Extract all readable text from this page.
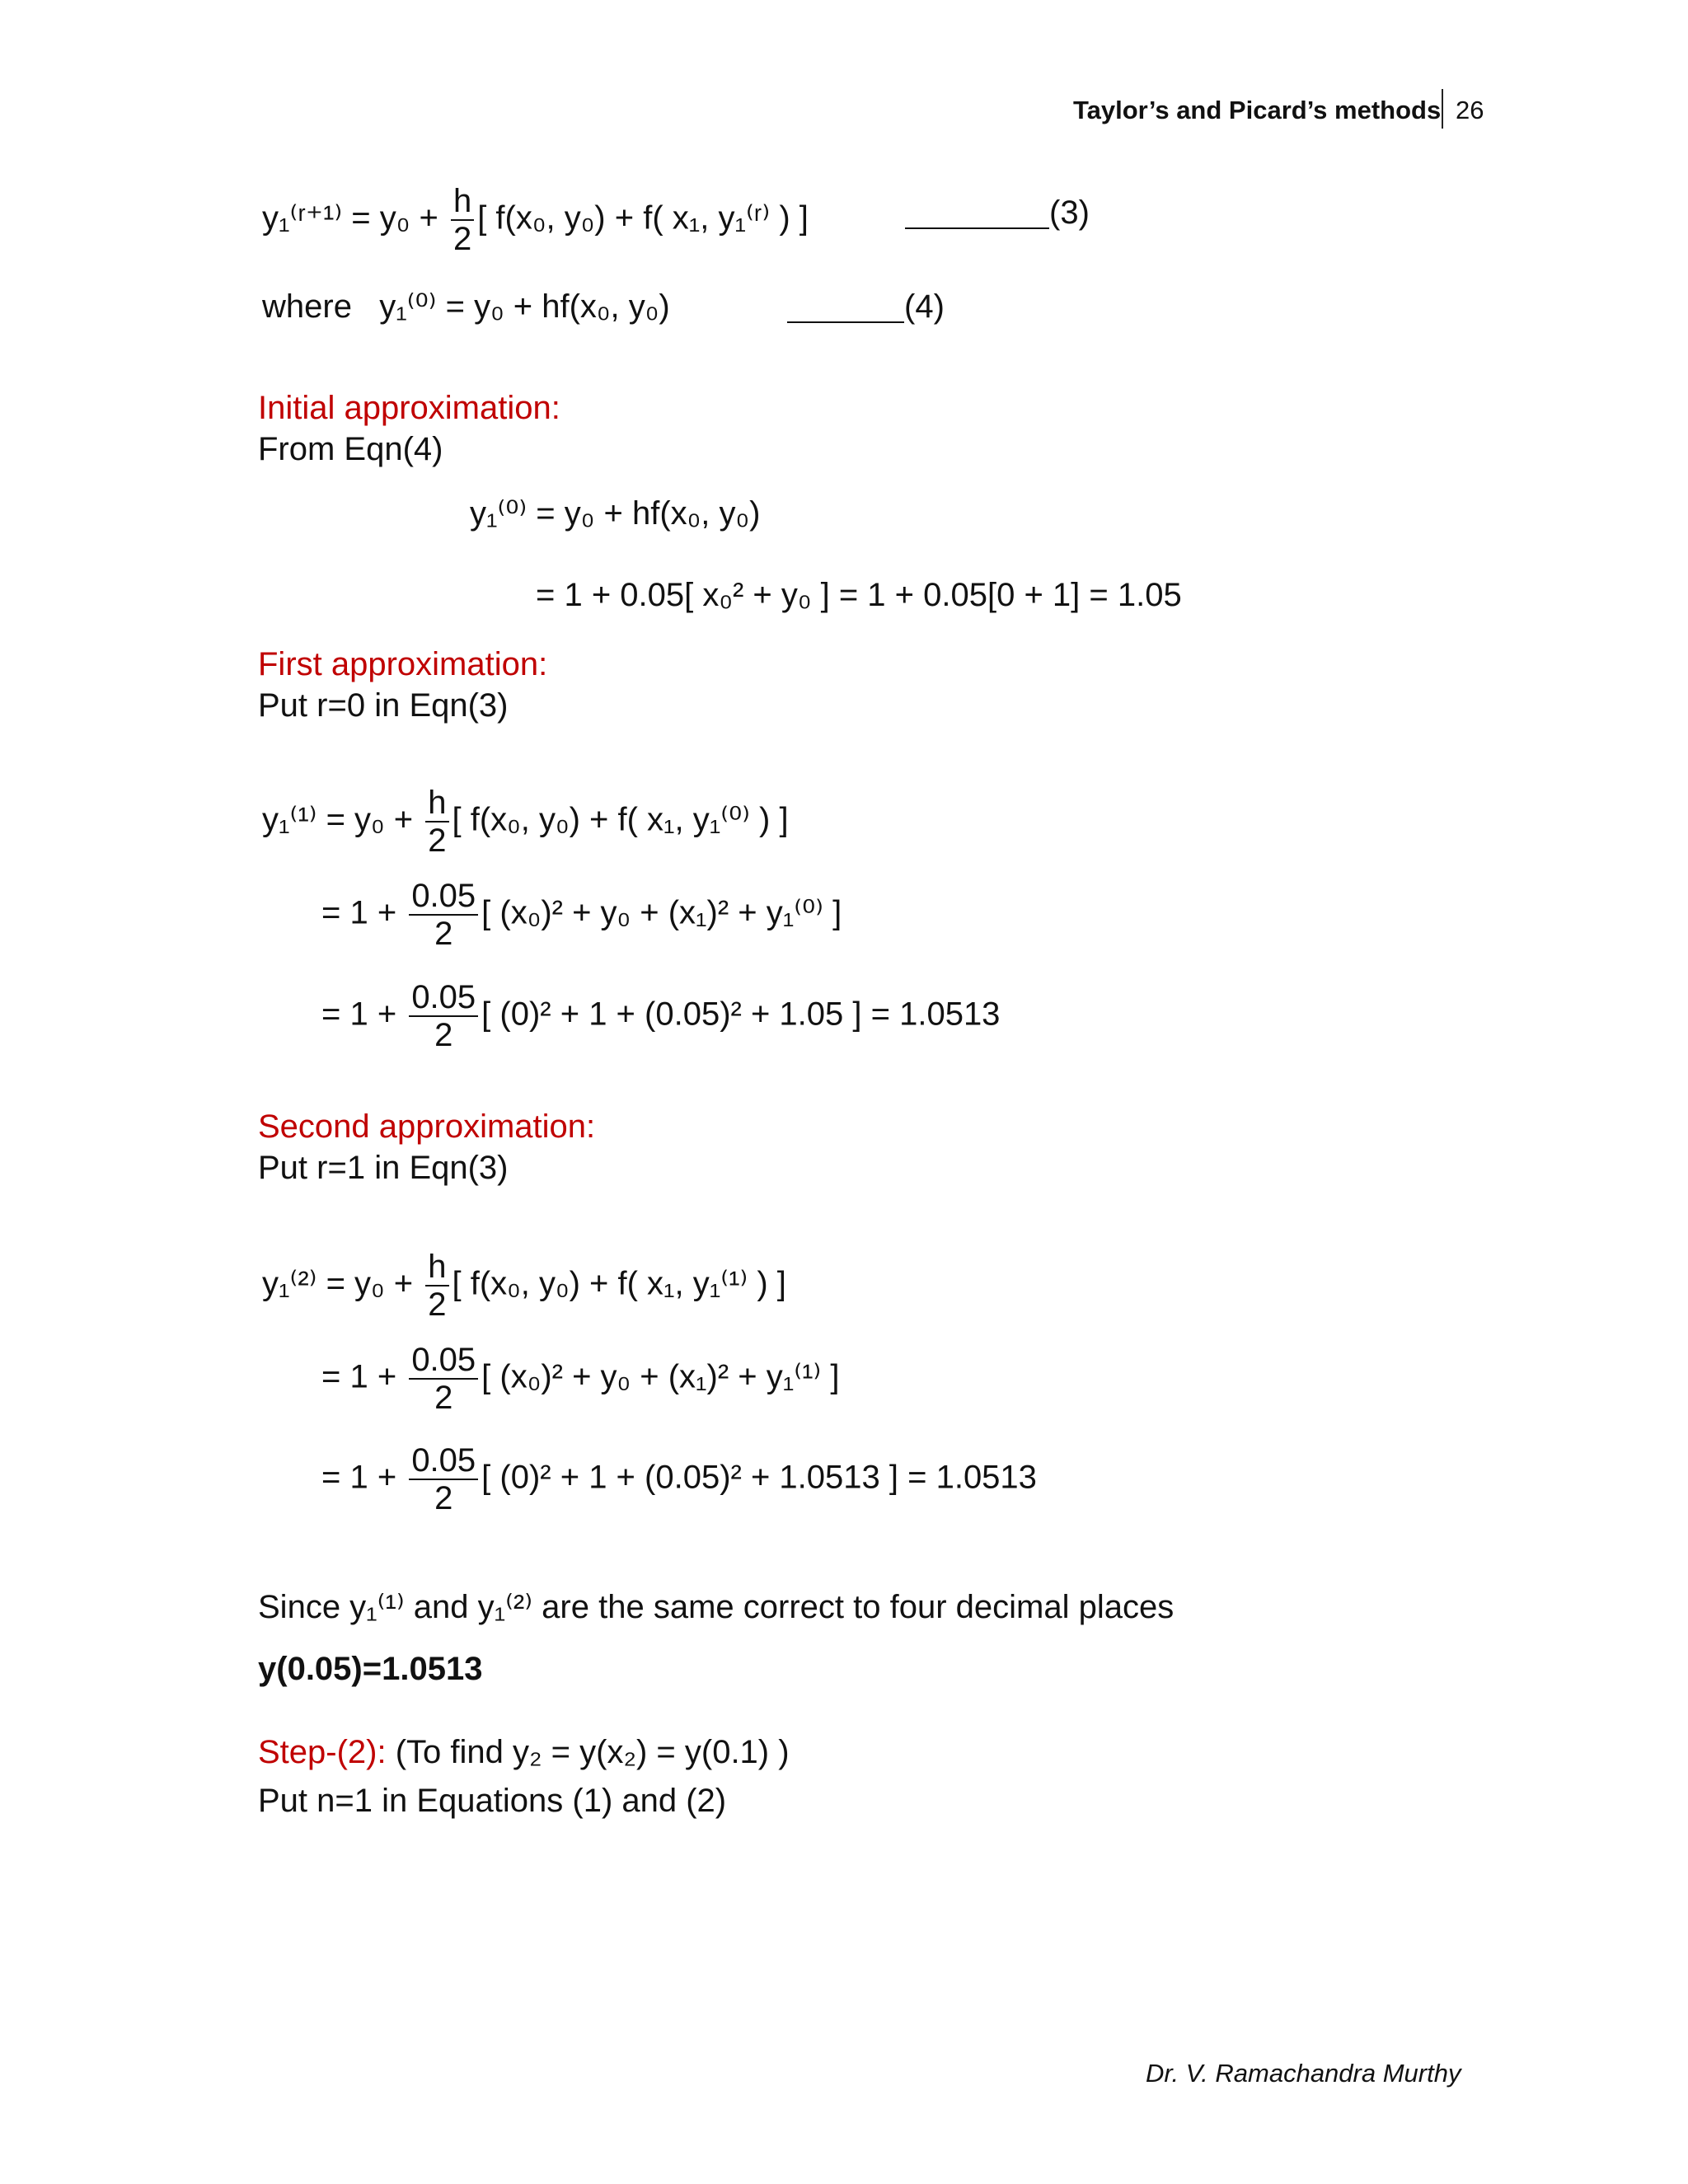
Taylor’s and Picard’s methods 26
y₁⁽ʳ⁺¹⁾ = $y_0 + \frac{h}{2}$ [ f(x₀, y₀) + f( x₁, y₁⁽ʳ⁾ ) ]	(3)
where y₁⁽⁰⁾ = y₀ + hf(x₀, y₀)	(4)
Initial approximation:
From Eqn(4)
y₁⁽⁰⁾ = y₀ + hf(x₀, y₀)
= 1 + 0.05[ x₀² + y₀ ] = 1 + 0.05[0 + 1] = 1.05
First approximation:
Put r=0 in Eqn(3)
$y_1^{(1)} = y_0 + \frac{h}{2}$ [ f(x₀, y₀) + f( x₁, y₁⁽⁰⁾ ) ]
= $1 + \frac{0.05}{2}$ [ (x₀)² + y₀ + (x₁)² + y₁⁽⁰⁾ ]
= $1 + \frac{0.05}{2}$ [ (0)² + 1 + (0.05)² + 1.05 ] = 1.0513
Second approximation:
Put r=1 in Eqn(3)
$y_1^{(2)} = y_0 + \frac{h}{2}$ [ f(x₀, y₀) + f( x₁, y₁⁽¹⁾ ) ]
= $1 + \frac{0.05}{2}$ [ (x₀)² + y₀ + (x₁)² + y₁⁽¹⁾ ]
= $1 + \frac{0.05}{2}$ [ (0)² + 1 + (0.05)² + 1.0513 ] = 1.0513
Since y₁⁽¹⁾ and y₁⁽²⁾ are the same correct to four decimal places
y(0.05)=1.0513
Step-(2): (To find y₂ = y(x₂) = y(0.1) )
Put n=1 in Equations (1) and (2)
Dr. V. Ramachandra Murthy
